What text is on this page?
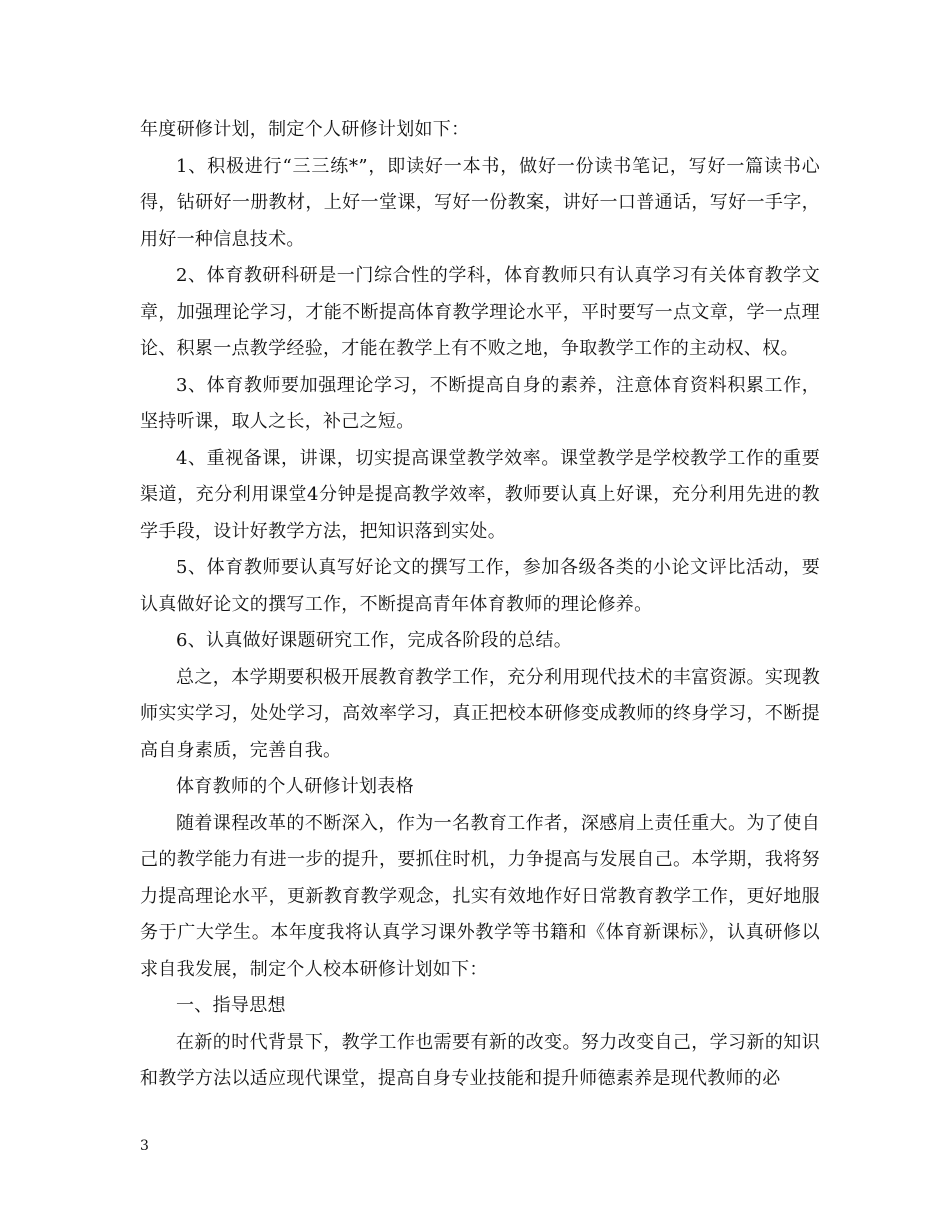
年度研修计划，制定个人研修计划如下：

1、积极进行“三三练*”，即读好一本书，做好一份读书笔记，写好一篇读书心得，钻研好一册教材，上好一堂课，写好一份教案，讲好一口普通话，写好一手字，用好一种信息技术。

2、体育教研科研是一门综合性的学科，体育教师只有认真学习有关体育教学文章，加强理论学习，才能不断提高体育教学理论水平，平时要写一点文章，学一点理论、积累一点教学经验，才能在教学上有不败之地，争取教学工作的主动权、权。

3、体育教师要加强理论学习，不断提高自身的素养，注意体育资料积累工作，坚持听课，取人之长，补己之短。

4、重视备课，讲课，切实提高课堂教学效率。课堂教学是学校教学工作的重要渠道，充分利用课堂4分钟是提高教学效率，教师要认真上好课，充分利用先进的教学手段，设计好教学方法，把知识落到实处。

5、体育教师要认真写好论文的撰写工作，参加各级各类的小论文评比活动，要认真做好论文的撰写工作，不断提高青年体育教师的理论修养。

6、认真做好课题研究工作，完成各阶段的总结。

总之，本学期要积极开展教育教学工作，充分利用现代技术的丰富资源。实现教师实实学习，处处学习，高效率学习，真正把校本研修变成教师的终身学习，不断提高自身素质，完善自我。

体育教师的个人研修计划表格

随着课程改革的不断深入，作为一名教育工作者，深感肩上责任重大。为了使自己的教学能力有进一步的提升，要抓住时机，力争提高与发展自己。本学期，我将努力提高理论水平，更新教育教学观念，扎实有效地作好日常教育教学工作，更好地服务于广大学生。本年度我将认真学习课外教学等书籍和《体育新课标》，认真研修以求自我发展，制定个人校本研修计划如下：

一、指导思想

在新的时代背景下，教学工作也需要有新的改变。努力改变自己，学习新的知识和教学方法以适应现代课堂，提高自身专业技能和提升师德素养是现代教师的必

3
